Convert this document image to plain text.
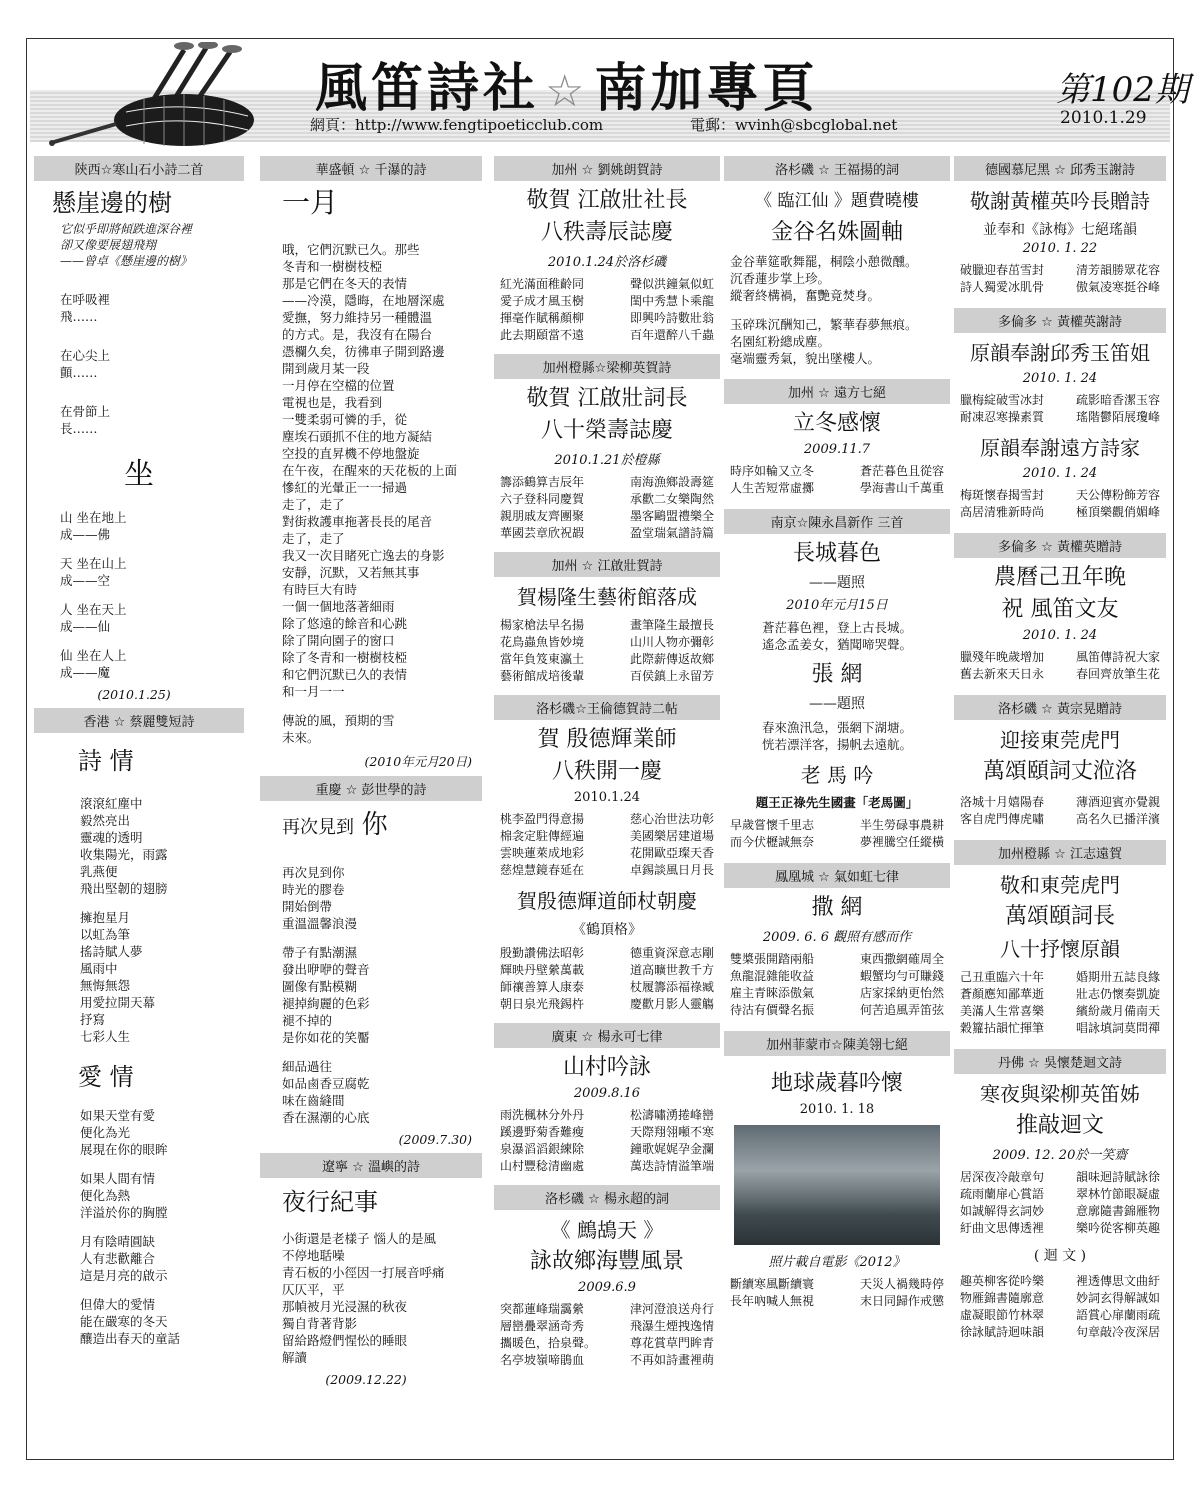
風笛詩社 ☆ 南加專頁
網頁：http://www.fengtipoeticclub.com	電郵：wvinh@sbcglobal.net
第102期
2010.1.29
陝西☆寒山石小詩二首
懸崖邊的樹
它似乎即將傾跌進深谷裡
卻又像要展翅飛翔
——曾卓《懸崖邊的樹》
在呼吸裡
飛……
在心尖上
顫……
在骨節上
長……
坐
山 坐在地上
成——佛
天 坐在山上
成——空
人 坐在天上
成——仙
仙 坐在人上
成——魔
(2010.1.25)
香港 ☆ 蔡麗雙短詩
詩 情
滾滾紅塵中
毅然亮出
靈魂的透明
收集陽光，雨露
乳燕便
飛出堅韌的翅膀
擁抱星月
以虹為筆
搖詩賦人夢
風雨中
無悔無怨
用愛拉開天幕
抒寫
七彩人生
愛 情
如果天堂有愛
便化為光
展現在你的眼眸
如果人間有情
便化為熱
洋溢於你的胸膛
月有陰晴圓缺
人有悲歡離合
這是月亮的啟示
但偉大的愛情
能在嚴寒的冬天
釀造出春天的童話
華盛頓 ☆ 千瀑的詩
一月
哦，它們沉默已久。那些
冬青和一樹樹枝椏
那是它們在冬天的表情
——冷漠，隱晦，在地層深處
愛撫，努力維持另一種體溫
的方式。是，我沒有在陽台
憑欄久矣，彷彿車子開到路邊
開到歲月某一段
一月停在空檔的位置
電視也是，我看到
一雙柔弱可憐的手，從
塵埃石頭抓不住的地方凝結
空投的直昇機不停地盤旋
在午夜，在醒來的天花板的上面
慘紅的光暈正一一掃過
走了，走了
對街救護車拖著長長的尾音
走了，走了
我又一次目睹死亡逸去的身影
安靜，沉默，又若無其事
有時巨大有時
一個一個地落著細雨
除了悠遠的餘音和心跳
除了開向園子的窗口
除了冬青和一樹樹枝椏
和它們沉默已久的表情
和一月一一
傳說的風，預期的雪
未來。
(2010年元月20日)
重慶 ☆ 彭世學的詩
再次見到 你
再次見到你
時光的膠卷
開始倒帶
重溫溫馨浪漫
帶子有點潮濕
發出咿咿的聲音
圖像有點模糊
褪掉絢麗的色彩
褪不掉的
是你如花的笑靨
細品過往
如品鹵香豆腐乾
味在齒縫間
香在濕潮的心底
(2009.7.30)
遼寧 ☆ 溫嶼的詩
夜行紀事
小街還是老樣子 惱人的是風
不停地聒噪
青石板的小徑因一打展音呼痛
仄仄平，平
那幀被月光浸濕的秋夜
獨自背著背影
留給路燈們惺忪的睡眼
解讀
(2009.12.22)
加州 ☆ 劉姚朗賀詩
敬賀 江啟壯社長
八秩壽辰誌慶
2010.1.24於洛杉磯
紅光滿面稚齡同	聲似洪鐘氣似虹
愛子成才風玉樹	閨中秀慧卜乘龍
揮毫作賦稱顏柳	即興吟詩數壯翁
此去期頤當不遠	百年還醉八千蟲
加州橙縣☆梁柳英賀詩
敬賀 江啟壯詞長
八十榮壽誌慶
2010.1.21於橙縣
籌添鶴算吉辰年	南海漁鄉設壽筵
六子登科同慶賀	承歡二女樂陶然
親朋戚友齊團聚	墨客鷗盟禮樂全
華國芸章欣祝嘏	盈堂瑞氣譜詩篇
加州 ☆ 江啟壯賀詩
賀楊隆生藝術館落成
楊家槍法早名揚	畫筆隆生最擅長
花鳥蟲魚皆妙境	山川人物亦彌彰
當年負笈東瀛土	此際薪傳返故鄉
藝術館成培後輩	百侯鎮上永留芳
洛杉磯☆王倫德賀詩二帖
賀 殷德輝業師
八秩開一慶
2010.1.24
桃李盈門得意揚	慈心治世法功彰
棉衾定駐傳經遍	美國樂居建道場
雲映蓮萊成地彩	花開歐亞璨天香
慈煌慧鏡春延在	卓錫談風日月長
賀殷德輝道師杖朝慶
《鶴頂格》
殷勤讚佛法昭彰	德重資深意志剛
輝映丹壁縈萬載	道高曠世教千方
師禳善算人康泰	杖履籌添福祿臧
朝日泉光飛錫杵	慶歡月影人靈觴
廣東 ☆ 楊永可七律
山村吟詠
2009.8.16
雨洗楓林分外丹	松濤嘯湧捲峰巒
蹊邊野菊香難瘦	天際翔翎噸不寒
泉瀑滔滔銀練除	鐘歌娓娓孕金瀾
山村豐稔清幽處	萬迭詩情溢筆端
洛杉磯 ☆ 楊永超的詞
《 鷓鴣天 》
詠故鄉海豐風景
2009.6.9
突都蓮峰瑞靄縈	津河澄浪送舟行
層巒疊翠涵奇秀	飛瀑生煙拽逸情
攜暖色，拾泉聲。	尊花賞草門眸青
名亭坡嶺啼鵑血	不再如詩畫裡萌
洛杉磯 ☆ 王福揚的詞
《 臨江仙 》題費曉樓
金谷名姝圖軸
金谷華筵歌舞罷，桐陰小憩微醺。
沉香蓮步掌上珍。
縱奢終構禍，奮艷竟焚身。
玉碎珠沉酬知己，繁華春夢無痕。
名園紅粉總成塵。
毫端靈秀氣，貌出墜樓人。
加州 ☆ 遠方七絕
立冬感懷
2009.11.7
時序如輪又立冬	蒼茫暮色且從容
人生苦短常虛擲	學海書山千萬重
南京☆陳永昌新作 三首
長城暮色
——題照
2010年元月15日
蒼茫暮色裡，登上古長城。
遙念孟姜女，猶聞啼哭聲。
張 網
——題照
春來漁汛急，張網下湖塘。
恍若漂洋客，揚帆去遠航。
老 馬 吟
題王正祿先生國畫「老馬圖」
早歲嘗懷千里志	半生勞碌事農耕
而今伏櫪誠無奈	夢裡騰空任縱橫
鳳凰城 ☆ 氣如虹七律
撒 網
2009. 6. 6 觀照有感而作
雙槳張開踏兩船	東西撒網確周全
魚龍混雜能收益	蝦蟹均勻可賺錢
雇主青睞添傲氣	店家採納更怡然
待沽有價聲名振	何苦追風弄笛弦
加州菲蒙市☆陳美翎七絕
地球歲暮吟懷
2010. 1. 18
照片載自電影《2012》
斷續寒風斷續寰	天災人禍幾時停
長年吶喊人無視	末日同歸作戒懲
德國慕尼黑 ☆ 邱秀玉謝詩
敬謝黃權英吟長贈詩
並奉和《詠梅》七絕瑤韻
2010. 1. 22
破臘迎春茁雪封	清芳韻勝眾花容
詩人獨愛冰肌骨	傲氣凌寒挺谷峰
多倫多 ☆ 黃權英謝詩
原韻奉謝邱秀玉笛姐
2010. 1. 24
臘梅綻破雪冰封	疏影暗香潔玉容
耐凍忍寒操素質	瑤階鬱陌展瓊峰
原韻奉謝遠方詩家
2010. 1. 24
梅斑懷春揭雪封	天公傳粉飾芳容
高居清雅新時尚	極頂樂觀俏媚峰
多倫多 ☆ 黃權英贈詩
農曆己丑年晚
祝 風笛文友
2010. 1. 24
臘殘年晚歲增加	風笛傳詩祝大家
舊去新來天日永	春回齊放筆生花
洛杉磯 ☆ 黃宗晃贈詩
迎接東莞虎門
萬頌頤詞丈涖洛
洛城十月嬉陽春	薄酒迎賓亦覺親
客自虎門傳虎嘯	高名久已播洋濱
加州橙縣 ☆ 江志遠賀
敬和東莞虎門
萬頌頤詞長
八十抒懷原韻
己丑重臨六十年	婚期卅五誌良緣
蒼顏應知鄙華逝	壯志仍懷奏凱旋
美滿人生常喜樂	繽紛歲月備南天
穀籮拈韻忙揮筆	唱詠填詞莫問禪
丹佛 ☆ 吳懷楚迴文詩
寒夜與梁柳英笛姊
推敲迴文
2009. 12. 20於一笑齋
居深夜冷敲章句	韻味迴詩賦詠徐
疏雨蘭扉心賞語	翠林竹節眼凝虛
如誠解得玄詞妙	意廓隨書錦雁物
紆曲文思傳透裡	樂吟從客柳英趣
( 迴 文 )
趣英柳客從吟樂	裡透傳思文曲紆
物雁錦書隨廓意	妙詞玄得解誠如
虛凝眼節竹林翠	語賞心扉蘭雨疏
徐詠賦詩迴味韻	句章敲冷夜深居
